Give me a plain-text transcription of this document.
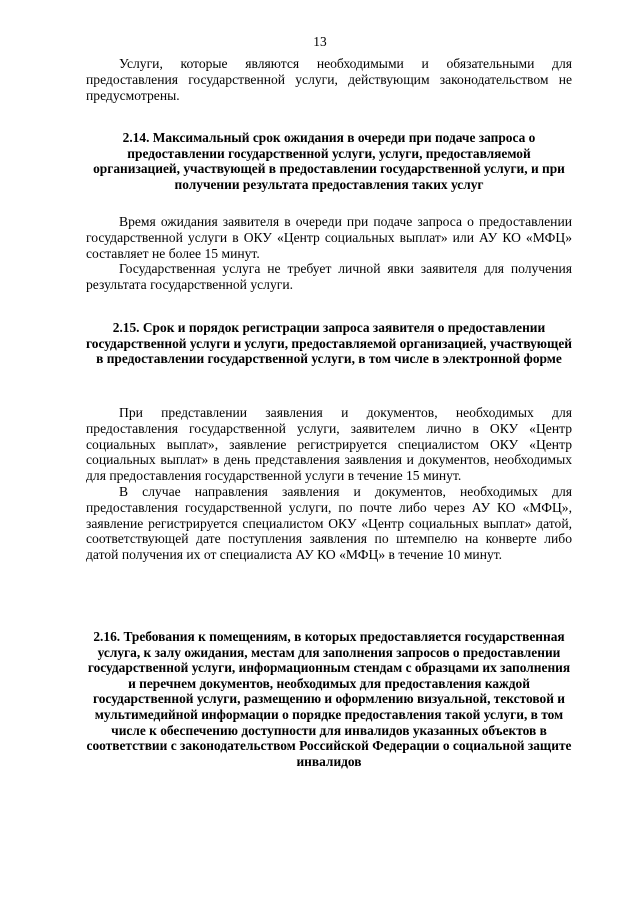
13

Услуги, которые являются необходимыми и обязательными для предоставления государственной услуги, действующим законодательством не предусмотрены.

2.14. Максимальный срок ожидания в очереди при подаче запроса о предоставлении государственной услуги, услуги, предоставляемой организацией, участвующей в предоставлении государственной услуги, и при получении результата предоставления таких услуг

Время ожидания заявителя в очереди при подаче запроса о предоставлении государственной услуги в ОКУ «Центр социальных выплат» или АУ КО «МФЦ» составляет не более 15 минут.

Государственная услуга не требует личной явки заявителя для получения результата государственной услуги.

2.15. Срок и порядок регистрации запроса заявителя о предоставлении государственной услуги и услуги, предоставляемой организацией, участвующей в предоставлении государственной услуги, в том числе в электронной форме

При представлении заявления и документов, необходимых для предоставления государственной услуги, заявителем лично в ОКУ «Центр социальных выплат», заявление регистрируется специалистом ОКУ «Центр социальных выплат» в день представления заявления и документов, необходимых для предоставления государственной услуги в течение 15 минут.

В случае направления заявления и документов, необходимых для предоставления государственной услуги, по почте либо через АУ КО «МФЦ», заявление регистрируется специалистом ОКУ «Центр социальных выплат» датой, соответствующей дате поступления заявления по штемпелю на конверте либо датой получения их от специалиста АУ КО «МФЦ» в течение 10 минут.

2.16. Требования к помещениям, в которых предоставляется государственная услуга, к залу ожидания, местам для заполнения запросов о предоставлении государственной услуги, информационным стендам с образцами их заполнения и перечнем документов, необходимых для предоставления каждой государственной услуги, размещению и оформлению визуальной, текстовой и мультимедийной информации о порядке предоставления такой услуги, в том числе к обеспечению доступности для инвалидов указанных объектов в соответствии с законодательством Российской Федерации о социальной защите инвалидов
